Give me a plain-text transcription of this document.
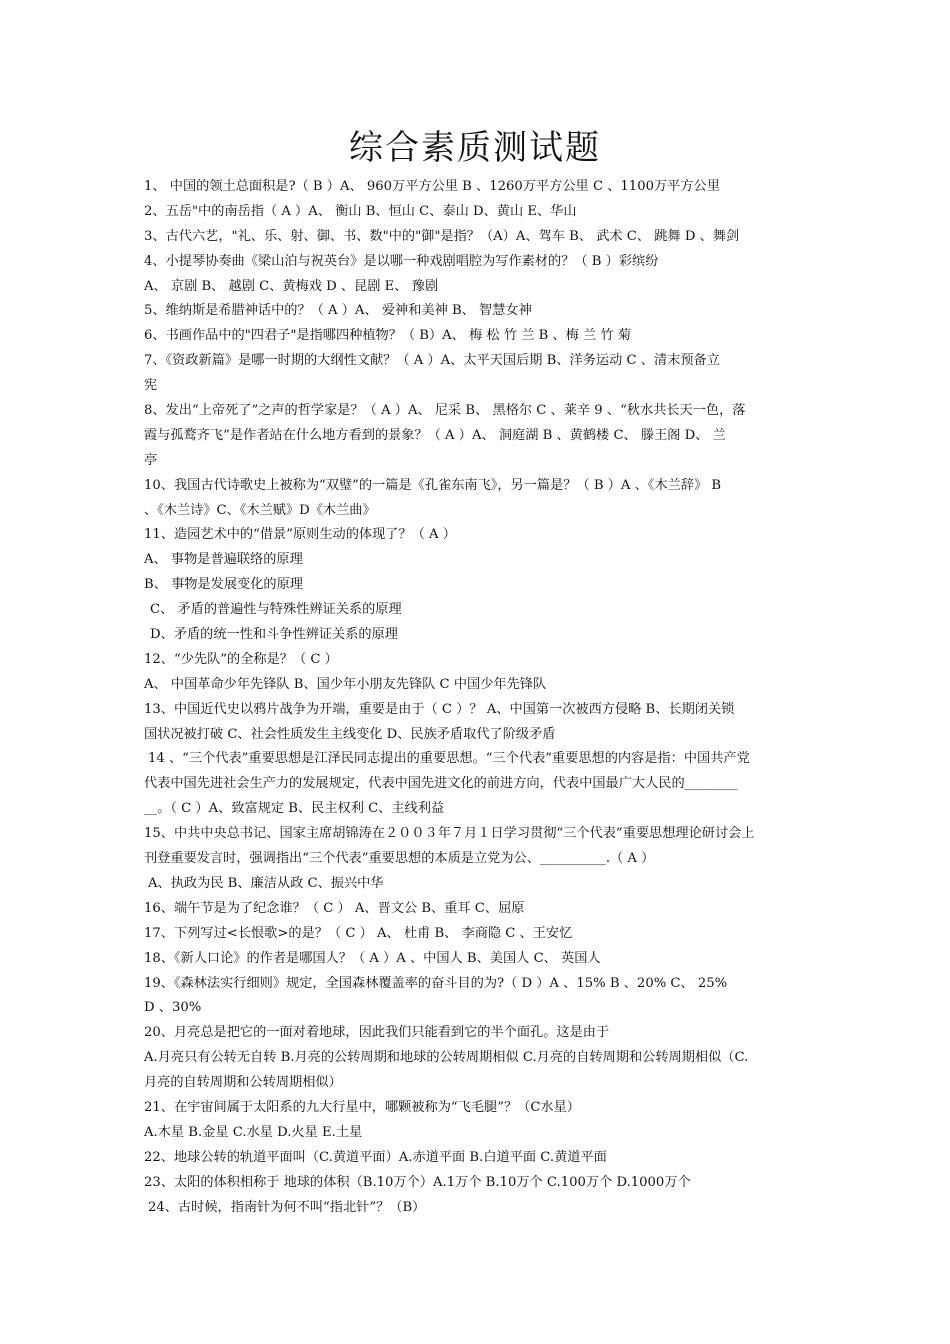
综合素质测试题
1、 中国的领土总面积是?（ B ）A、 960万平方公里 B 、1260万平方公里 C 、1100万平方公里
2、五岳"中的南岳指（ A ）A、 衡山 B、恒山 C、泰山 D、黄山 E、华山
3、古代六艺，"礼、乐、射、御、书、数"中的"御"是指？（A）A、驾车 B、 武术 C、 跳舞 D 、舞剑
4、小提琴协奏曲《梁山泊与祝英台》是以哪一种戏剧唱腔为写作素材的？（ B ）彩缤纷
A、 京剧 B、 越剧 C、黄梅戏 D 、昆剧 E、 豫剧
5、维纳斯是希腊神话中的？（ A ）A、 爱神和美神 B、 智慧女神
6、书画作品中的"四君子"是指哪四种植物？（ B）A、 梅 松 竹 兰 B 、梅 兰 竹 菊
7、《资政新篇》是哪一时期的大纲性文献？（ A ）A、太平天国后期 B、洋务运动 C 、清末预备立
宪
8、发出“上帝死了”之声的哲学家是？（ A ）A、 尼采 B、 黑格尔 C 、莱辛 9 、“秋水共长天一色，落
霞与孤鹜齐飞”是作者站在什么地方看到的景象？（ A ）A、 洞庭湖 B 、黄鹤楼 C、 滕王阁 D、 兰
亭
10、我国古代诗歌史上被称为“双璧”的一篇是《孔雀东南飞》，另一篇是？（ B ）A 、《木兰辞》 B
、《木兰诗》C、《木兰赋》D《木兰曲》
11、造园艺术中的“借景”原则生动的体现了？（ A ）
A、 事物是普遍联络的原理
B、 事物是发展变化的原理
C、 矛盾的普遍性与特殊性辨证关系的原理
D、矛盾的统一性和斗争性辨证关系的原理
12、“少先队”的全称是？（ C ）
A、 中国革命少年先锋队 B、国少年小朋友先锋队 C 中国少年先锋队
13、中国近代史以鸦片战争为开端，重要是由于（ C ）？ A、中国第一次被西方侵略 B、长期闭关锁
国状况被打破 C、社会性质发生主线变化 D、民族矛盾取代了阶级矛盾
14 、“三个代表”重要思想是江泽民同志提出的重要思想。“三个代表”重要思想的内容是指：中国共产党
代表中国先进社会生产力的发展规定，代表中国先进文化的前进方向，代表中国最广大人民的________
__。（ C ）A、致富规定 B、民主权利 C、主线利益
15、中共中央总书记、国家主席胡锦涛在２００３年７月１日学习贯彻“三个代表”重要思想理论研讨会上
刊登重要发言时，强调指出“三个代表”重要思想的本质是立党为公、__________.（ A ）
A、执政为民 B、廉洁从政 C、振兴中华
16、端午节是为了纪念谁？（ C ） A、晋文公 B、重耳 C、屈原
17、下列写过<长恨歌>的是？（ C ） A、 杜甫 B、 李商隐 C 、王安忆
18、《新人口论》的作者是哪国人？（ A ）A 、中国人 B、美国人 C、 英国人
19、《森林法实行细则》规定，全国森林覆盖率的奋斗目的为?（ D ）A 、15% B 、20% C、 25%
D 、30%
20、月亮总是把它的一面对着地球，因此我们只能看到它的半个面孔。这是由于
A.月亮只有公转无自转 B.月亮的公转周期和地球的公转周期相似 C.月亮的自转周期和公转周期相似（C.
月亮的自转周期和公转周期相似）
21、在宇宙间属于太阳系的九大行星中，哪颗被称为“飞毛腿”？（C水星）
A.木星 B.金星 C.水星 D.火星 E.土星
22、地球公转的轨道平面叫（C.黄道平面）A.赤道平面 B.白道平面 C.黄道平面
23、太阳的体积相称于 地球的体积（B.10万个）A.1万个 B.10万个 C.100万个 D.1000万个
24、古时候，指南针为何不叫“指北针”？（B）
